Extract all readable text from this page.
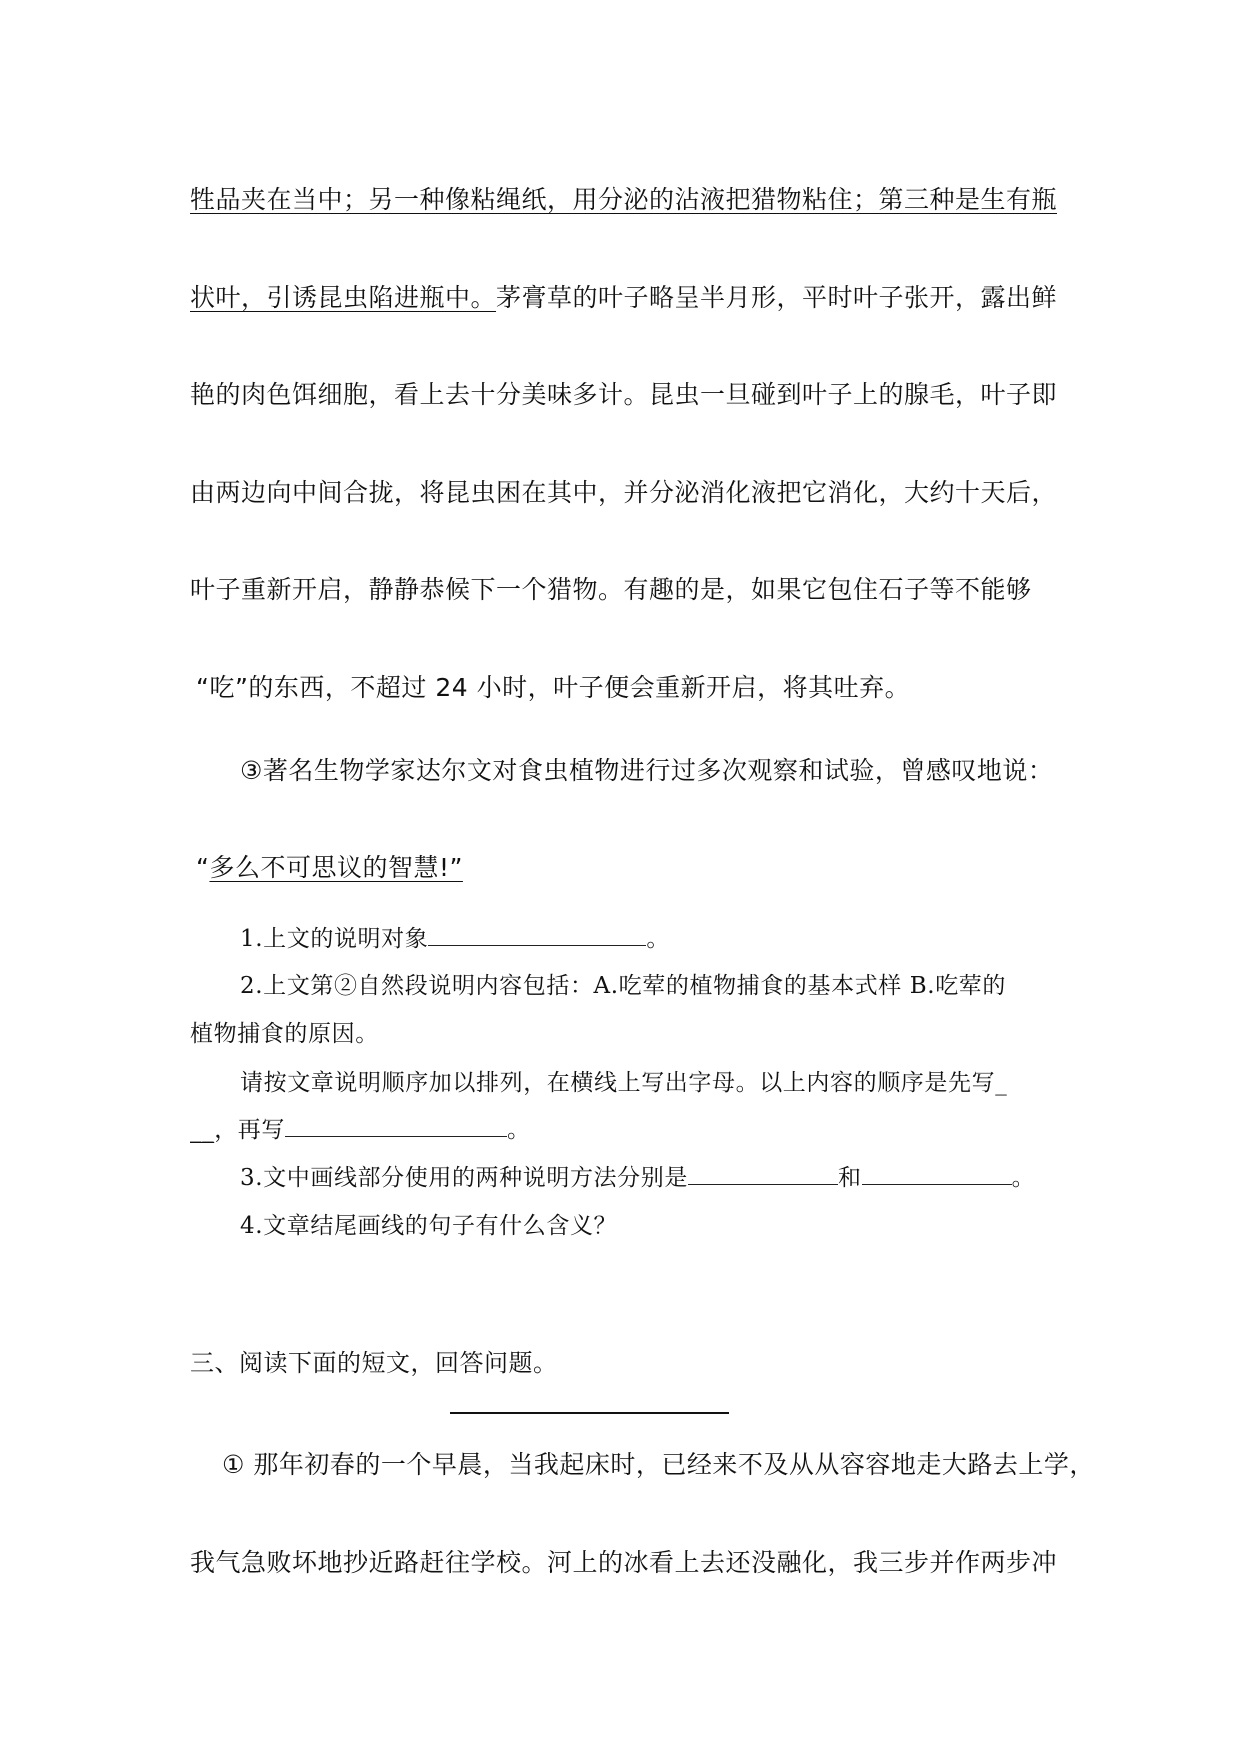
牲品夹在当中；另一种像粘绳纸，用分泌的沾液把猎物粘住；第三种是生有瓶
状叶，引诱昆虫陷进瓶中。茅膏草的叶子略呈半月形，平时叶子张开，露出鲜
艳的肉色饵细胞，看上去十分美味多计。昆虫一旦碰到叶子上的腺毛，叶子即
由两边向中间合拢，将昆虫困在其中，并分泌消化液把它消化，大约十天后，
叶子重新开启，静静恭候下一个猎物。有趣的是，如果它包住石子等不能够
“吃”的东西，不超过 24 小时，叶子便会重新开启，将其吐弃。
③著名生物学家达尔文对食虫植物进行过多次观察和试验，曾感叹地说：
“多么不可思议的智慧!”
1.上文的说明对象	。
2.上文第②自然段说明内容包括：A.吃荤的植物捕食的基本式样 B.吃荤的
植物捕食的原因。
请按文章说明顺序加以排列，在横线上写出字母。以上内容的顺序是先写_
__，再写	。
3.文中画线部分使用的两种说明方法分别是	和	。
4.文章结尾画线的句子有什么含义？
三、阅读下面的短文，回答问题。
① 那年初春的一个早晨，当我起床时，已经来不及从从容容地走大路去上学，
我气急败坏地抄近路赶往学校。河上的冰看上去还没融化，我三步并作两步冲
